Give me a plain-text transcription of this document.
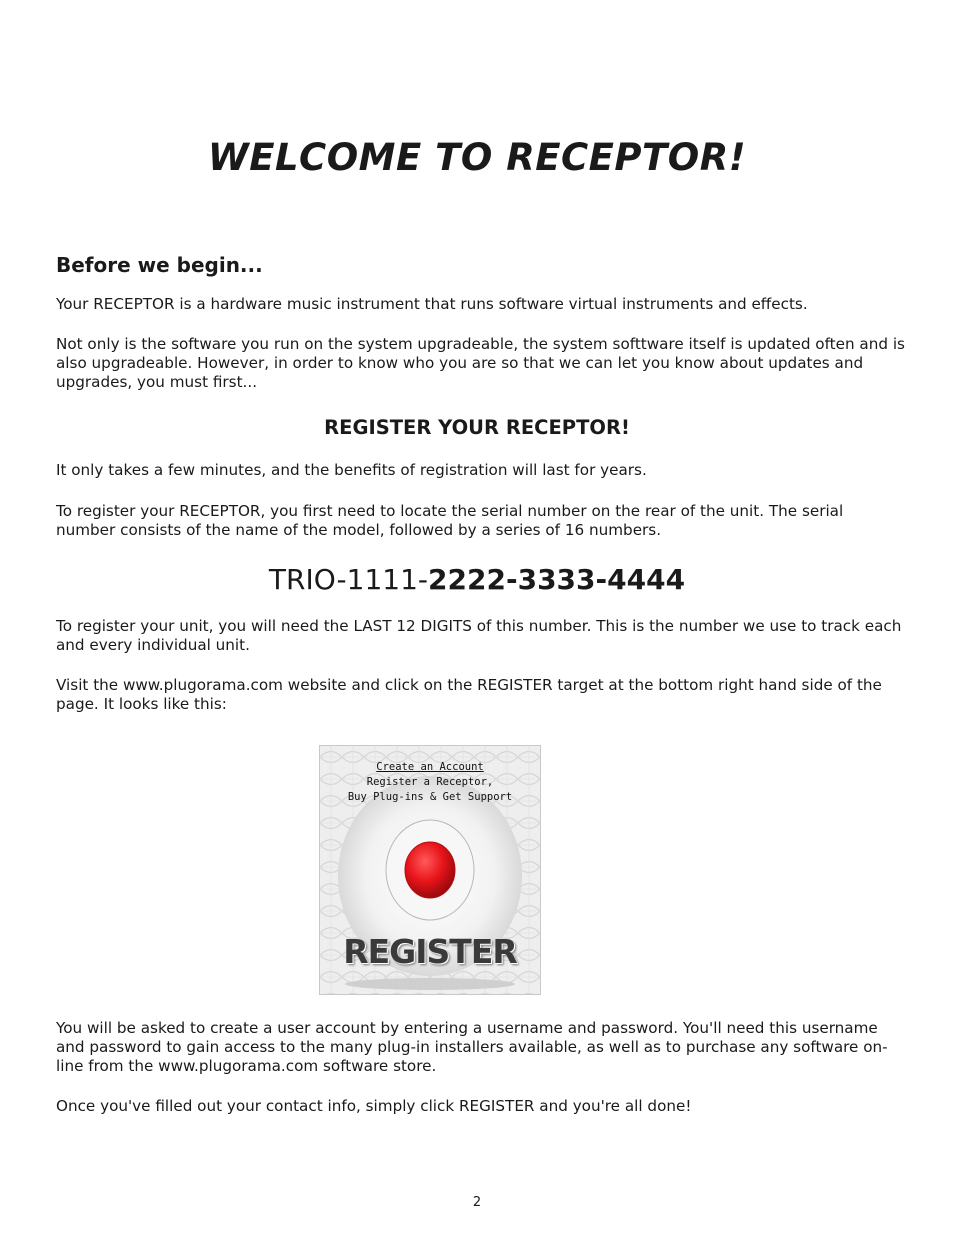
WELCOME TO RECEPTOR!
Before we begin...
Your RECEPTOR is a hardware music instrument that runs software virtual instruments and effects.
Not only is the software you run on the system upgradeable, the system softtware itself is updated often and is also upgradeable. However, in order to know who you are so that we can let you know about updates and upgrades, you must first...
REGISTER YOUR RECEPTOR!
It only takes a few minutes, and the benefits of registration will last for years.
To register your RECEPTOR, you first need to locate the serial number on the rear of the unit. The serial number consists of the name of the model, followed by a series of 16 numbers.
TRIO-1111-2222-3333-4444
To register your unit, you will need the LAST 12 DIGITS of this number. This is the number we use to track each and every individual unit.
Visit the www.plugorama.com website and click on the REGISTER target at the bottom right hand side of the page. It looks like this:
Create an Account
Register a Receptor,
Buy Plug-ins & Get Support
REGISTER
You will be asked to create a user account by entering a username and password. You'll need this username and password to gain access to the many plug-in installers available, as well as to purchase any software on-line from the www.plugorama.com software store.
Once you've filled out your contact info, simply click REGISTER and you're all done!
2
